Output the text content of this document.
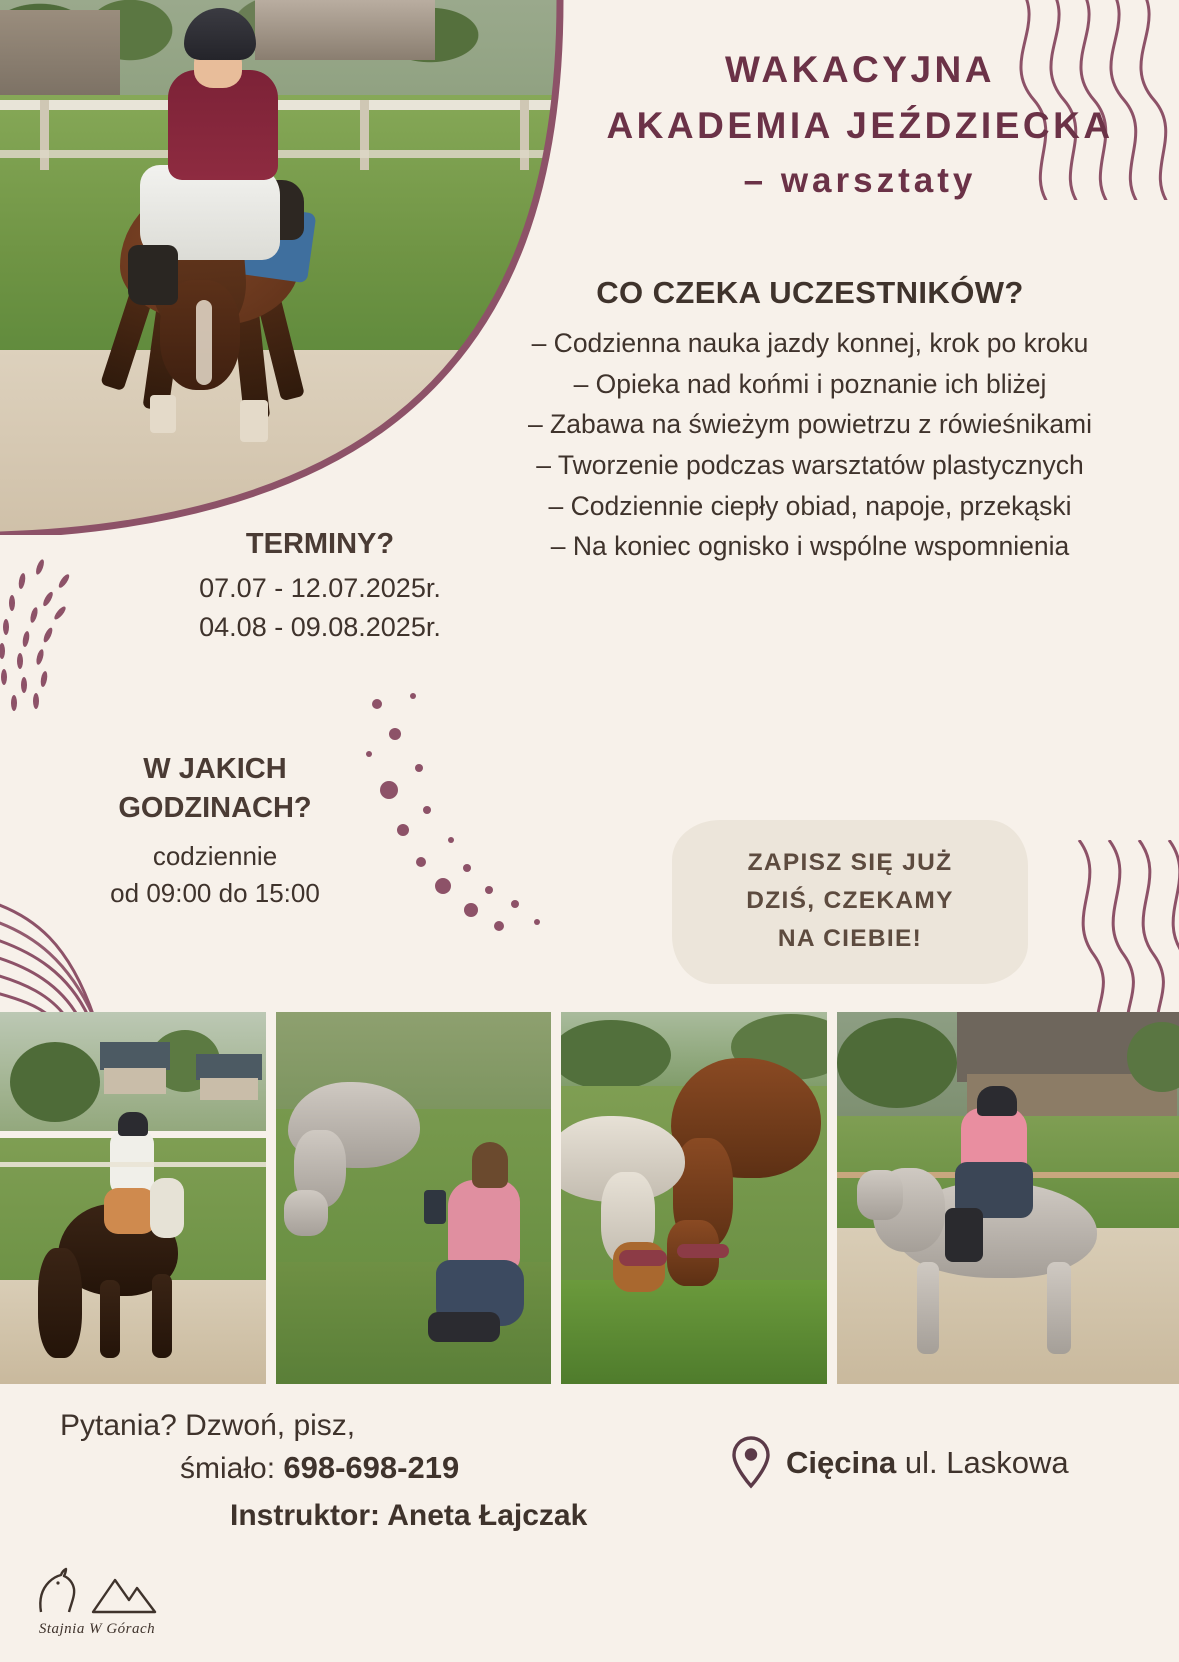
WAKACYJNA
AKADEMIA JEŹDZIECKA
– warsztaty
CO CZEKA UCZESTNIKÓW?
– Codzienna nauka jazdy konnej, krok po kroku
– Opieka nad końmi i poznanie ich bliżej
– Zabawa na świeżym powietrzu z rówieśnikami
– Tworzenie podczas warsztatów plastycznych
– Codziennie ciepły obiad, napoje, przekąski
– Na koniec ognisko i wspólne wspomnienia
TERMINY?

07.07 - 12.07.2025r.

04.08 - 09.08.2025r.

W JAKICH
GODZINACH?

codziennie

od 09:00 do 15:00

ZAPISZ SIĘ JUŻ
DZIŚ, CZEKAMY
NA CIEBIE!
Pytania? Dzwoń, pisz,
śmiało: 698-698-219
Instruktor: Aneta Łajczak
Cięcina ul. Laskowa
Stajnia W Górach
